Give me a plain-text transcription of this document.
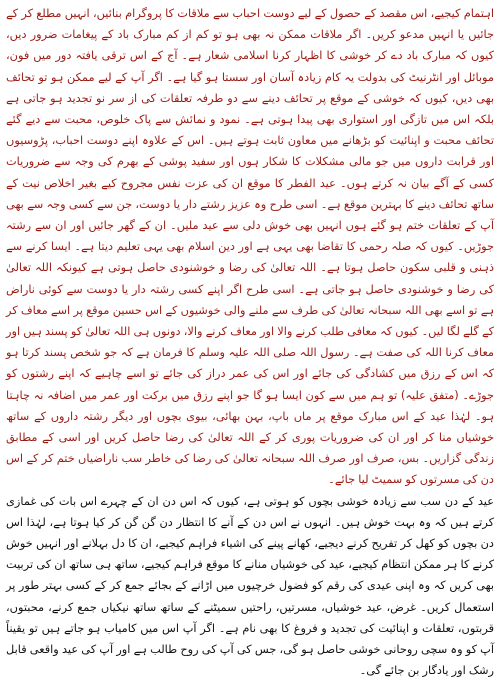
اہتمام کیجیے، اس مقصد کے حصول کے لیے دوست احباب سے ملاقات کا پروگرام بنائیں، انہیں مطلع کر کے جائیں یا انہیں مدعو کریں۔ اگر ملاقات ممکن نہ بھی ہو تو کم از کم مبارک باد کے پیغامات ضرور دیں، کیوں کہ مبارک باد دے کر خوشی کا اظہار کرنا اسلامی شعار ہے۔ آج کے اس ترقی یافتہ دور میں فون، موبائل اور انٹرنیٹ کی بدولت یہ کام زیادہ آسان اور سستا ہو گیا ہے۔ اگر آپ کے لیے ممکن ہو تو تحائف بھی دیں، کیوں کہ خوشی کے موقع پر تحائف دینے سے دو طرفہ تعلقات کی از سر نو تجدید ہو جاتی ہے بلکہ اس میں تازگی اور استواری بھی پیدا ہوتی ہے۔ نمود و نمائش سے پاک خلوص، محبت سے دیے گئے تحائف محبت و اپنائیت کو بڑھانے میں معاون ثابت ہوتے ہیں۔ اس کے علاوہ اپنے دوست احباب، پڑوسیوں اور قرابت داروں میں جو مالی مشکلات کا شکار ہوں اور سفید پوشی کے بھرم کی وجہ سے ضروریات کسی کے آگے بیان نہ کرتے ہوں۔ عید الفطر کا موقع ان کی عزت نفس مجروح کیے بغیر اخلاص نیت کے ساتھ تحائف دینے کا بہترین موقع ہے۔ اسی طرح وہ عزیز رشتے دار یا دوست، جن سے کسی وجہ سے بھی آپ کے تعلقات ختم ہو گئے ہوں انہیں بھی خوش دلی سے عید ملیں۔ ان کے گھر جائیں اور ان سے رشتہ جوڑیں۔ کیوں کہ صلہ رحمی کا تقاضا بھی یہی ہے اور دین اسلام بھی یہی تعلیم دیتا ہے۔ ایسا کرنے سے ذہنی و قلبی سکون حاصل ہوتا ہے۔ اللہ تعالیٰ کی رضا و خوشنودی حاصل ہوتی ہے کیونکہ اللہ تعالیٰ کی رضا و خوشنودی حاصل ہو جاتی ہے۔ اسی طرح اگر اپنے کسی رشتہ دار یا دوست سے کوئی ناراض ہے تو اسے بھی اللہ سبحانہ تعالیٰ کی طرف سے ملنے والی خوشیوں کے اس حسین موقع پر اسے معاف کر کے گلے لگا لیں۔ کیوں کہ معافی طلب کرنے والا اور معاف کرنے والا، دونوں ہی اللہ تعالیٰ کو پسند ہیں اور معاف کرنا اللہ کی صفت ہے۔ رسول اللہ صلی اللہ علیہ وسلم کا فرمان ہے کہ جو شخص پسند کرتا ہو کہ اس کے رزق میں کشادگی کی جائے اور اس کی عمر دراز کی جائے تو اسے چاہیے کہ اپنے رشتوں کو جوڑے۔ (متفق علیہ) تو ہم میں سے کون ایسا ہو گا جو اپنے رزق میں برکت اور عمر میں اضافہ نہ چاہتا ہو۔ لہٰذا عید کے اس مبارک موقع پر ماں باپ، بہن بھائی، بیوی بچوں اور دیگر رشتہ داروں کے ساتھ خوشیاں منا کر اور ان کی ضروریات پوری کر کے اللہ تعالیٰ کی رضا حاصل کریں اور اسی کے مطابق زندگی گزاریں۔ بس، صرف اور صرف اللہ سبحانہ تعالیٰ کی رضا کی خاطر سب ناراضیاں ختم کر کے اس دن کی مسرتوں کو سمیٹ لیا جائے۔

عید کے دن سب سے زیادہ خوشی بچوں کو ہوتی ہے، کیوں کہ اس دن ان کے چہرے اس بات کی غمازی کرتے ہیں کہ وہ بہت خوش ہیں۔ انہوں نے اس دن کے آنے کا انتظار دن گن گن کر کیا ہوتا ہے، لہٰذا اس دن بچوں کو کھل کر تفریح کرنے دیجیے، کھانے پینے کی اشیاء فراہم کیجیے، ان کا دل بہلانے اور انہیں خوش کرنے کا ہر ممکن انتظام کیجیے، عید کی خوشیاں منانے کا موقع فراہم کیجیے، ساتھ ہی ساتھ ان کی تربیت بھی کریں کہ وہ اپنی عیدی کی رقم کو فضول خرچیوں میں اڑانے کے بجائے جمع کر کے کسی بہتر طور پر استعمال کریں۔ غرض، عید خوشیاں، مسرتیں، راحتیں سمیٹنے کے ساتھ ساتھ نیکیاں جمع کرنے، محبتوں، قربتوں، تعلقات و اپنائیت کی تجدید و فروغ کا بھی نام ہے۔ اگر آپ اس میں کامیاب ہو جاتے ہیں تو یقیناً آپ کو وہ سچی روحانی خوشی حاصل ہو گی، جس کی آپ کی روح طالب ہے اور آپ کی عید واقعی قابل رشک اور یادگار بن جائے گی۔
